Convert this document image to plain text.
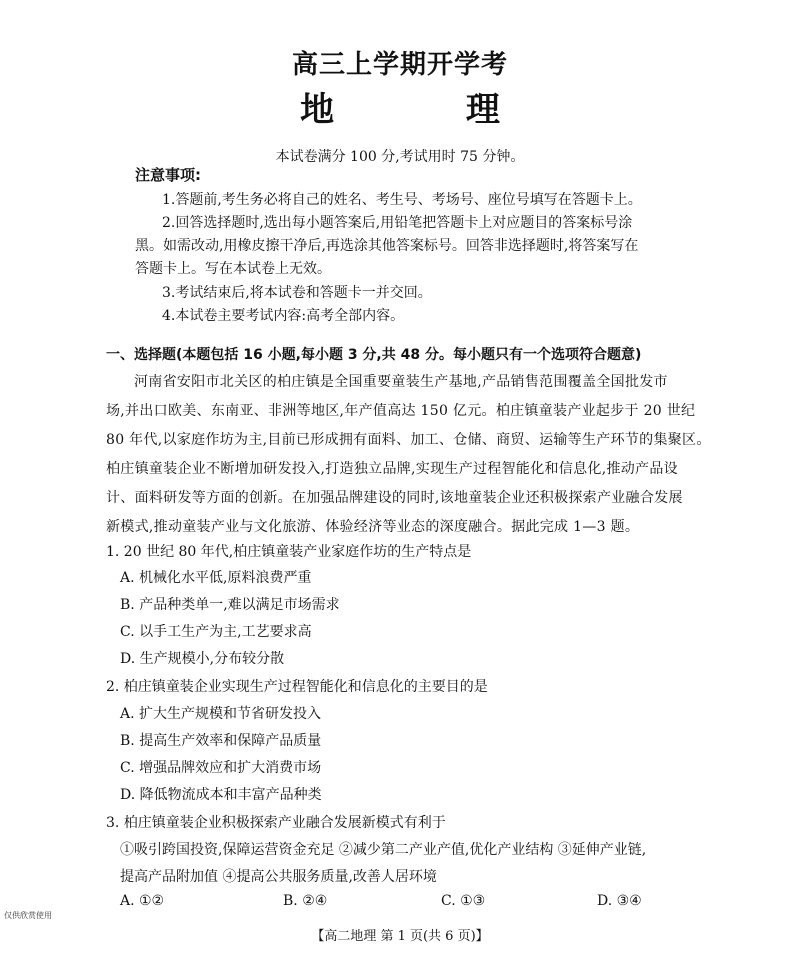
高三上学期开学考
地 理
本试卷满分 100 分,考试用时 75 分钟。
注意事项:
1.答题前,考生务必将自己的姓名、考生号、考场号、座位号填写在答题卡上。
2.回答选择题时,选出每小题答案后,用铅笔把答题卡上对应题目的答案标号涂
黑。如需改动,用橡皮擦干净后,再选涂其他答案标号。回答非选择题时,将答案写在
答题卡上。写在本试卷上无效。
3.考试结束后,将本试卷和答题卡一并交回。
4.本试卷主要考试内容:高考全部内容。
一、选择题(本题包括 16 小题,每小题 3 分,共 48 分。每小题只有一个选项符合题意)
河南省安阳市北关区的柏庄镇是全国重要童装生产基地,产品销售范围覆盖全国批发市
场,并出口欧美、东南亚、非洲等地区,年产值高达 150 亿元。柏庄镇童装产业起步于 20 世纪
80 年代,以家庭作坊为主,目前已形成拥有面料、加工、仓储、商贸、运输等生产环节的集聚区。
柏庄镇童装企业不断增加研发投入,打造独立品牌,实现生产过程智能化和信息化,推动产品设
计、面料研发等方面的创新。在加强品牌建设的同时,该地童装企业还积极探索产业融合发展
新模式,推动童装产业与文化旅游、体验经济等业态的深度融合。据此完成 1—3 题。
1. 20 世纪 80 年代,柏庄镇童装产业家庭作坊的生产特点是
A. 机械化水平低,原料浪费严重
B. 产品种类单一,难以满足市场需求
C. 以手工生产为主,工艺要求高
D. 生产规模小,分布较分散
2. 柏庄镇童装企业实现生产过程智能化和信息化的主要目的是
A. 扩大生产规模和节省研发投入
B. 提高生产效率和保障产品质量
C. 增强品牌效应和扩大消费市场
D. 降低物流成本和丰富产品种类
3. 柏庄镇童装企业积极探索产业融合发展新模式有利于
①吸引跨国投资,保障运营资金充足 ②减少第二产业产值,优化产业结构 ③延伸产业链,
提高产品附加值 ④提高公共服务质量,改善人居环境
A. ①②	B. ②④	C. ①③	D. ③④
仅供欣赏使用
【高二地理 第 1 页(共 6 页)】
